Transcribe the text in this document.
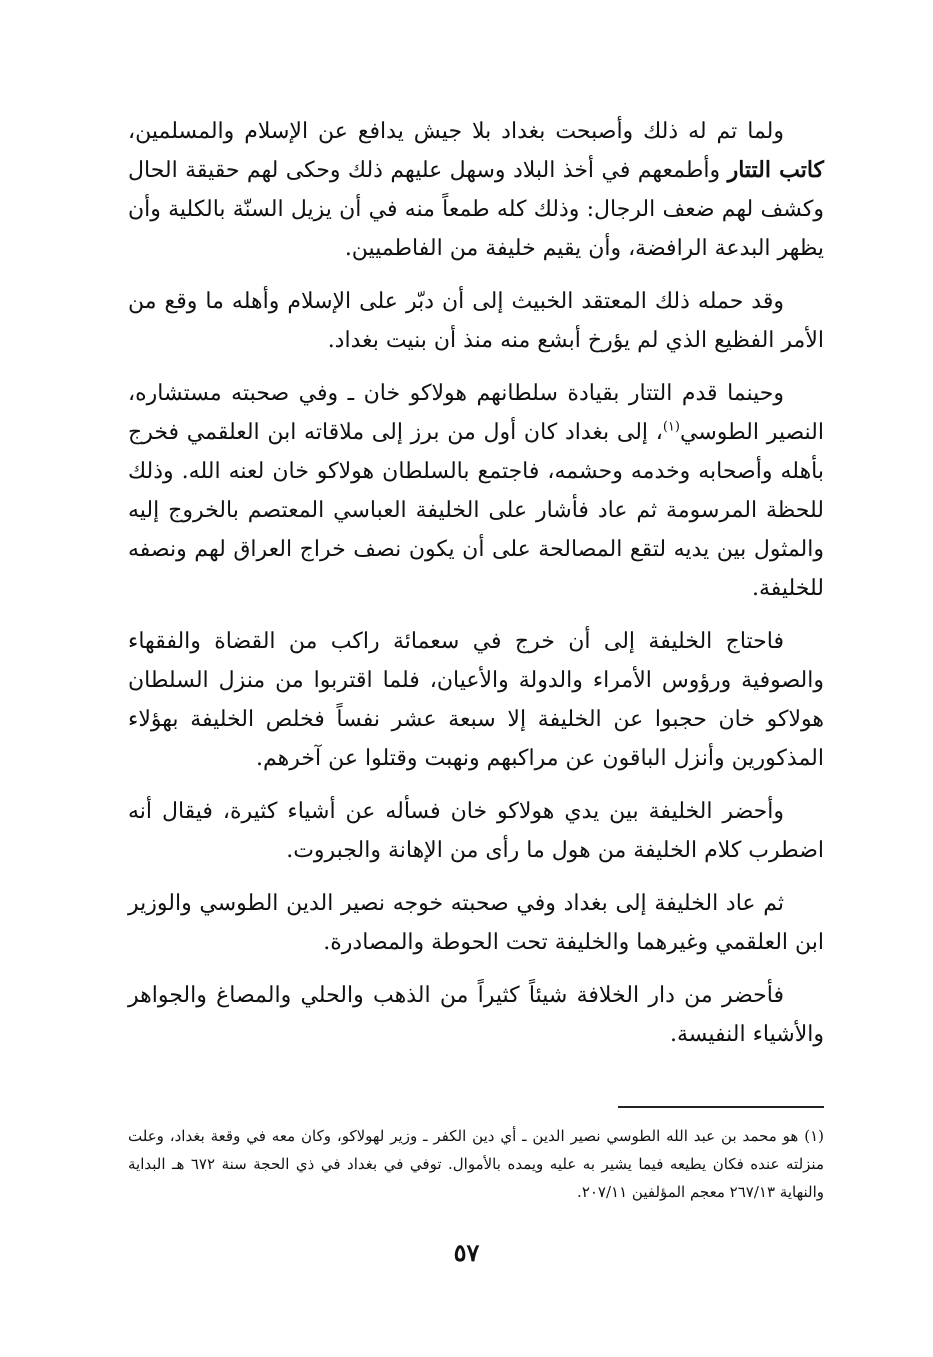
ولما تم له ذلك وأصبحت بغداد بلا جيش يدافع عن الإسلام والمسلمين، كاتب التتار وأطمعهم في أخذ البلاد وسهل عليهم ذلك وحكى لهم حقيقة الحال وكشف لهم ضعف الرجال: وذلك كله طمعاً منه في أن يزيل السنّة بالكلية وأن يظهر البدعة الرافضة، وأن يقيم خليفة من الفاطميين.

وقد حمله ذلك المعتقد الخبيث إلى أن دبّر على الإسلام وأهله ما وقع من الأمر الفظيع الذي لم يؤرخ أبشع منه منذ أن بنيت بغداد.

وحينما قدم التتار بقيادة سلطانهم هولاكو خان ـ وفي صحبته مستشاره، النصير الطوسي$^{(١)}$، إلى بغداد كان أول من برز إلى ملاقاته ابن العلقمي فخرج بأهله وأصحابه وخدمه وحشمه، فاجتمع بالسلطان هولاكو خان لعنه الله. وذلك للحظة المرسومة ثم عاد فأشار على الخليفة العباسي المعتصم بالخروج إليه والمثول بين يديه لتقع المصالحة على أن يكون نصف خراج العراق لهم ونصفه للخليفة.

فاحتاج الخليفة إلى أن خرج في سعمائة راكب من القضاة والفقهاء والصوفية ورؤوس الأمراء والدولة والأعيان، فلما اقتربوا من منزل السلطان هولاكو خان حجبوا عن الخليفة إلا سبعة عشر نفساً فخلص الخليفة بهؤلاء المذكورين وأنزل الباقون عن مراكبهم ونهبت وقتلوا عن آخرهم.

وأحضر الخليفة بين يدي هولاكو خان فسأله عن أشياء كثيرة، فيقال أنه اضطرب كلام الخليفة من هول ما رأى من الإهانة والجبروت.

ثم عاد الخليفة إلى بغداد وفي صحبته خوجه نصير الدين الطوسي والوزير ابن العلقمي وغيرهما والخليفة تحت الحوطة والمصادرة.

فأحضر من دار الخلافة شيئاً كثيراً من الذهب والحلي والمصاغ والجواهر والأشياء النفيسة.

(١) هو محمد بن عبد الله الطوسي نصير الدين ـ أي دين الكفر ـ وزير لهولاكو، وكان معه في وقعة بغداد، وعلت منزلته عنده فكان يطيعه فيما يشير به عليه ويمده بالأموال. توفي في بغداد في ذي الحجة سنة ٦٧٢ هـ البداية والنهاية ٢٦٧/١٣ معجم المؤلفين ٢٠٧/١١.

٥٧
